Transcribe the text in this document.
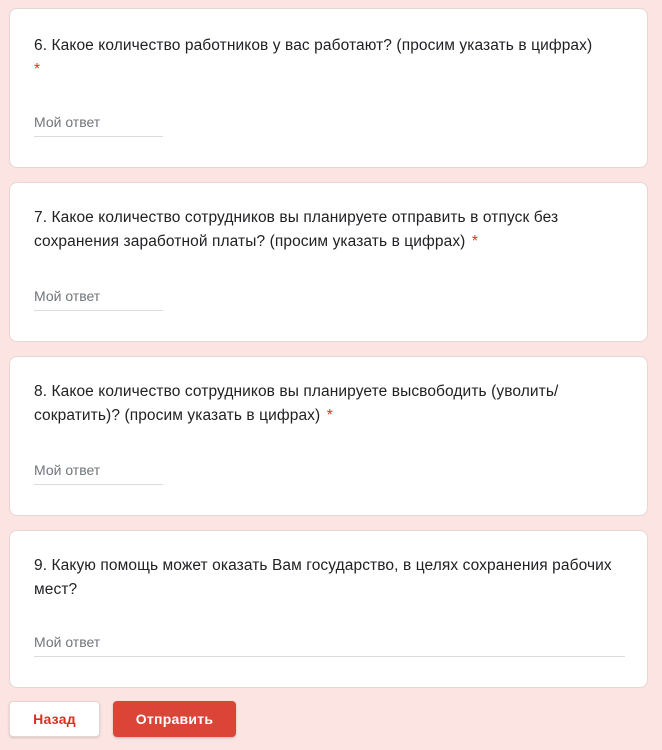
6. Какое количество работников у вас работают? (просим указать в цифрах)
*
Мой ответ
7. Какое количество сотрудников вы планируете отправить в отпуск без сохранения заработной платы? (просим указать в цифрах) *
Мой ответ
8. Какое количество сотрудников вы планируете высвободить (уволить/сократить)? (просим указать в цифрах) *
Мой ответ
9. Какую помощь может оказать Вам государство, в целях сохранения рабочих мест?
Мой ответ
Назад	Отправить
